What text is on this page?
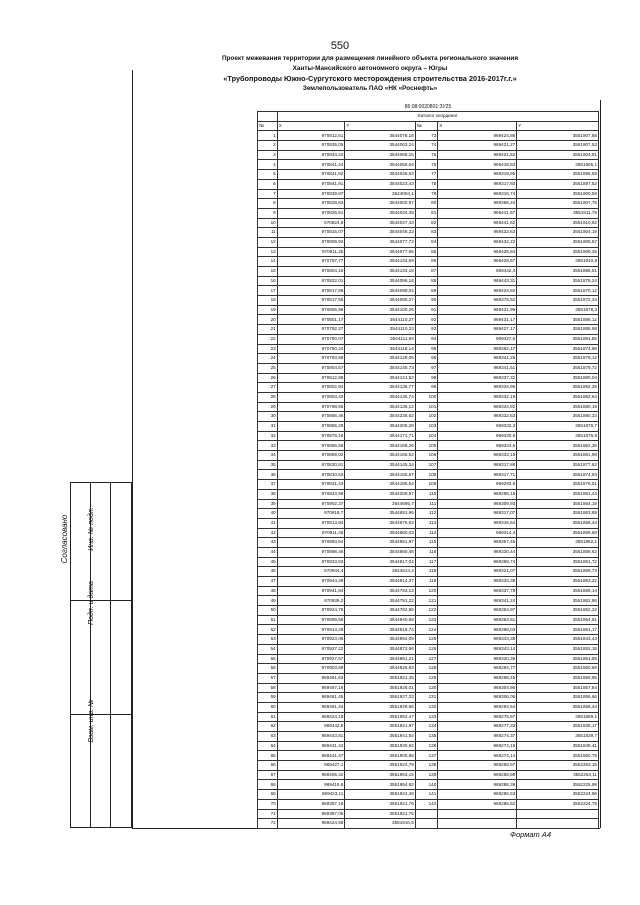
550
Проект межевания территории для размещения линейного объекта регионального значения
Ханты-Мансийского автономного округа – Югры
«Трубопроводы Южно-Сургутского месторождения строительства 2016-2017г.г.»
Землепользователь ПАО «НК «Роснефть»
Взам. инв. №
Подп. и дата
Инв. № подл.
Согласовано
86:08:0020801:ЗУ25
	Каталог координат				
№	X	Y	№	X	Y
1	970812,61	3544078,16	73	969424,86	3551907,88
2	970835,05	3544063,24	74	969421,27	3551907,53
3	970834,22	3544068,15	75	969421,52	3551904,91
4	970841,24	3544056,64	76	969418,53	3551905,1
5	970841,92	3544046,63	77	969319,95	3551895,69
6	970841,91	3544023,43	78	969317,93	3551897,52
7	970839,87	3544004,1	79	969316,74	3551900,59
8	970828,63	3544000,97	80	969388,24	3551907,75
9	970826,61	3544034,35	81	969441,57	3551911,78
10	970824,8	3544047,43	82	969441,62	3551910,62
11	970815,07	3544046,23	83	969432,63	3551904,19
12	970809,92	3544077,73	84	969432,22	3551908,57
13	970811,25	3544077,95	85	969428,84	3551908,25
14	970797,77	3544134,69	86	969428,57	3551910,8
15	970804,16	3544134,18	87	969442,4	3551886,51
16	970822,01	3544096,16	88	969443,31	3551876,24
17	970817,86	3544099,04	89	969424,92	3551870,12
18	970817,56	3544095,27	90	969375,52	3551872,34
19	970806,96	3544100,26	91	969431,99	3551878,3
20	970801,17	3544110,27	92	969431,17	3551886,12
21	970792,27	3544110,23	93	969427,17	3551885,98
22	970790,07	3544111,94	94	969427,6	3551881,85
23	970790,24	3544118,14	95	969362,17	3551874,96
24	970793,68	3544128,05	96	969341,28	3551876,12
25	970804,57	3544145,73	97	969341,51	3551879,72
26	970812,86	3544141,52	98	969337,32	3551880,04
27	970802,94	3544136,77	99	969334,96	3551882,25
28	970803,43	3544135,74	100	969332,19	3551882,64
29	970798,66	3544136,12	101	969334,92	3551880,19
30	970856,46	3544235,62	102	969332,53	3551880,33
31	970865,29	3544205,28	103	969332,3	3551876,7
32	970876,18	3544171,71	104	969330,9	3551876,8
33	970866,58	3544168,26	105	969324,5	3551862,36
34	970859,02	3544165,52	106	969333,16	3551881,98
35	970830,81	3544145,34	107	969317,86	3551877,62
36	970810,53	3544155,57	108	969317,71	3551874,94
37	970831,43	3544186,54	109	969293,9	3551876,01
38	970843,96	3544208,57	110	969298,16	3551881,44
39	970902,37	3544695,7	111	969309,93	3551864,19
40	970918,7	3544691,96	112	969317,07	3551863,89
41	970913,94	3544675,63	113	969316,64	3551856,44
42	970911,48	3544660,03	114	969314,4	3551859,68
43	970894,64	3544661,87	115	969357,46	3551862,1
44	970898,46	3544680,46	116	969330,44	3551858,62
45	970933,53	3544817,04	117	969369,74	3551851,72
46	970944,4	3544814,4	118	969321,07	3551869,73
47	970944,49	3544814,37	119	969333,38	3551863,22
48	970941,84	3544793,13	120	969337,78	3551859,14
49	970939,2	3544781,22	121	969341,24	3551862,86
50	970924,76	3544782,85	122	969354,97	3551862,22
51	970899,58	3544940,68	123	969363,61	3551854,91
52	970913,26	3544919,74	124	969368,03	3551851,17
53	970923,06	3544894,09	125	969343,38	3551843,43
54	970927,22	3544873,66	126	969343,14	3551852,18
55	970927,57	3544861,21	127	969320,36	3551851,55
56	970903,89	3544826,83	128	969294,77	3551850,68
57	969461,63	3551921,35	129	969298,45	3551859,95
58	969467,16	3551928,01	130	969304,96	3551857,84
59	969461,45	3551927,33	131	969306,06	3551856,66
60	969461,44	3551929,66	132	969294,54	3551856,44
61	969424,19	3551952,47	133	969275,97	3551859,1
62	969442,8	3551941,87	134	969277,33	3551835,17
63	969443,81	3551941,84	135	969274,37	3551839,7
64	969441,44	3551930,84	136	969274,15	3551845,41
65	969441,47	3551905,88	137	969274,14	3551850,78
66	969427,1	3551924,79	138	969258,97	3552263,15
67	969405,42	3551963,15	139	969258,98	3552263,11
68	969419,9	3551954,92	140	969286,39	3552225,98
69	969423,11	3551924,48	141	969286,53	3552224,96
70	969387,16	3551921,76	142	969286,52	3552224,78
71	969387,05	3551921,75			
72	969424,58	3551910,5			
Формат А4
